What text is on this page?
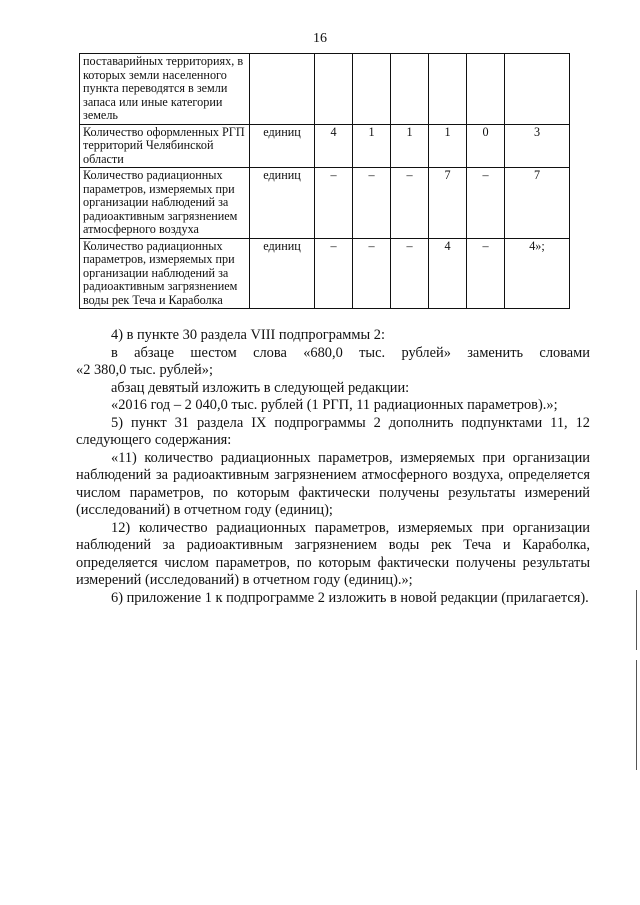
16
поставарийных территориях, в которых земли населенного пункта переводятся в земли запаса или иные категории земель							
Количество оформленных РГП территорий Челябинской области	единиц	4	1	1	1	0	3
Количество радиационных параметров, измеряемых при организации наблюдений за радиоактивным загрязнением атмосферного воздуха	единиц	–	–	–	7	–	7
Количество радиационных параметров, измеряемых при организации наблюдений за радиоактивным загрязнением воды рек Теча и Караболка	единиц	–	–	–	4	–	4»;

4) в пункте 30 раздела VIII подпрограммы 2:

в абзаце шестом слова «680,0 тыс. рублей» заменить словами

«2 380,0 тыс. рублей»;

абзац девятый изложить в следующей редакции:

«2016 год – 2 040,0 тыс. рублей (1 РГП, 11 радиационных параметров).»;

5) пункт 31 раздела IX подпрограммы 2 дополнить подпунктами 11, 12 следующего содержания:

«11) количество радиационных параметров, измеряемых при организации наблюдений за радиоактивным загрязнением атмосферного воздуха, определяется числом параметров, по которым фактически получены результаты измерений (исследований) в отчетном году (единиц);

12) количество радиационных параметров, измеряемых при организации наблюдений за радиоактивным загрязнением воды рек Теча и Караболка, определяется числом параметров, по которым фактически получены результаты измерений (исследований) в отчетном году (единиц).»;

6) приложение 1 к подпрограмме 2 изложить в новой редакции (прилагается).
